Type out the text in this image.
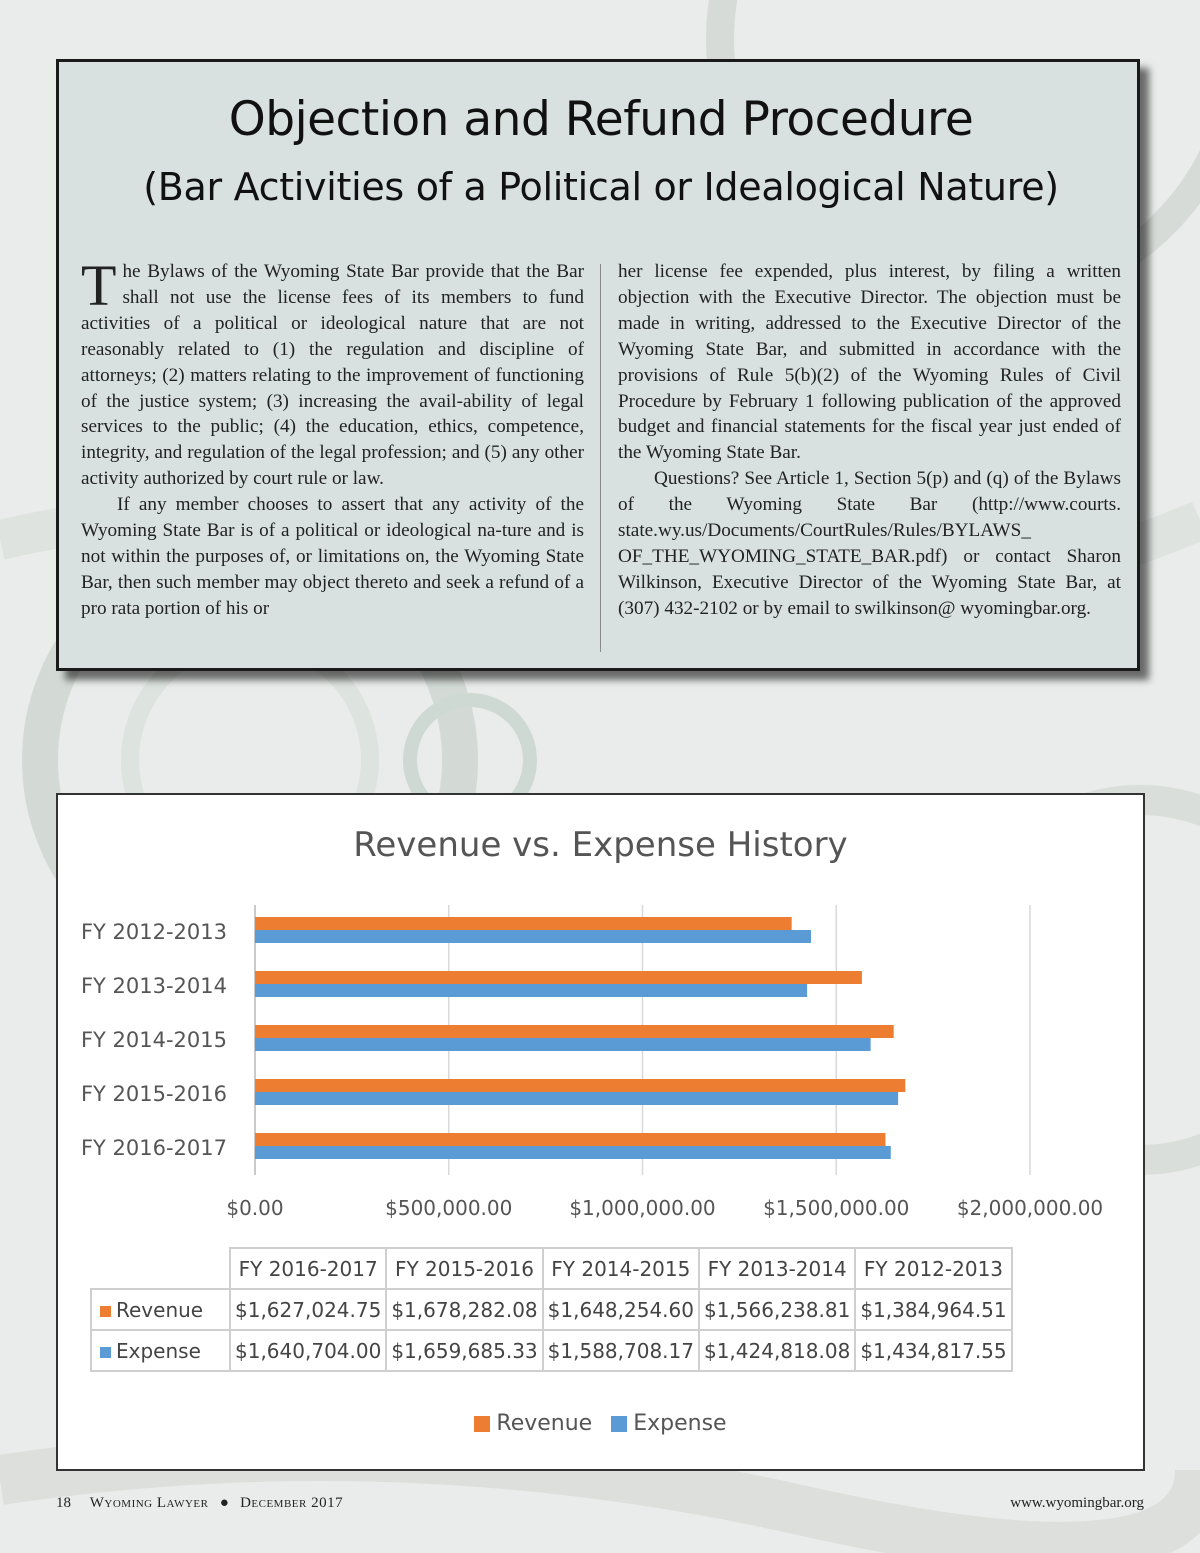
Objection and Refund Procedure
(Bar Activities of a Political or Idealogical Nature)

The Bylaws of the Wyoming State Bar provide that the Bar shall not use the license fees of its members to fund activities of a political or ideological nature that are not reasonably related to (1) the regulation and discipline of attorneys; (2) matters relating to the improvement of functioning of the justice system; (3) increasing the avail-ability of legal services to the public; (4) the education, ethics, competence, integrity, and regulation of the legal profession; and (5) any other activity authorized by court rule or law.

If any member chooses to assert that any activity of the Wyoming State Bar is of a political or ideological na-ture and is not within the purposes of, or limitations on, the Wyoming State Bar, then such member may object thereto and seek a refund of a pro rata portion of his or

her license fee expended, plus interest, by filing a written objection with the Executive Director. The objection must be made in writing, addressed to the Executive Director of the Wyoming State Bar, and submitted in accordance with the provisions of Rule 5(b)(2) of the Wyoming Rules of Civil Procedure by February 1 following publication of the approved budget and financial statements for the fiscal year just ended of the Wyoming State Bar.

Questions? See Article 1, Section 5(p) and (q) of the Bylaws of the Wyoming State Bar (http://www.courts. state.wy.us/Documents/CourtRules/Rules/BYLAWS_ OF_THE_WYOMING_STATE_BAR.pdf) or contact Sharon Wilkinson, Executive Director of the Wyoming State Bar, at (307) 432-2102 or by email to swilkinson@ wyomingbar.org.

Revenue vs. Expense History
$0.00	$500,000.00	$1,000,000.00 $1,500,000.00 $2,000,000.00
FY 2012-2013
FY 2013-2014
FY 2014-2015
FY 2015-2016
FY 2016-2017
	FY 2016-2017	FY 2015-2016	FY 2014-2015	FY 2013-2014	FY 2012-2013
Revenue	$1,627,024.75	$1,678,282.08	$1,648,254.60	$1,566,238.81	$1,384,964.51
Expense	$1,640,704.00	$1,659,685.33	$1,588,708.17	$1,424,818.08	$1,434,817.55
Revenue Expense
18 Wyoming Lawyer ● December 2017	www.wyomingbar.org
